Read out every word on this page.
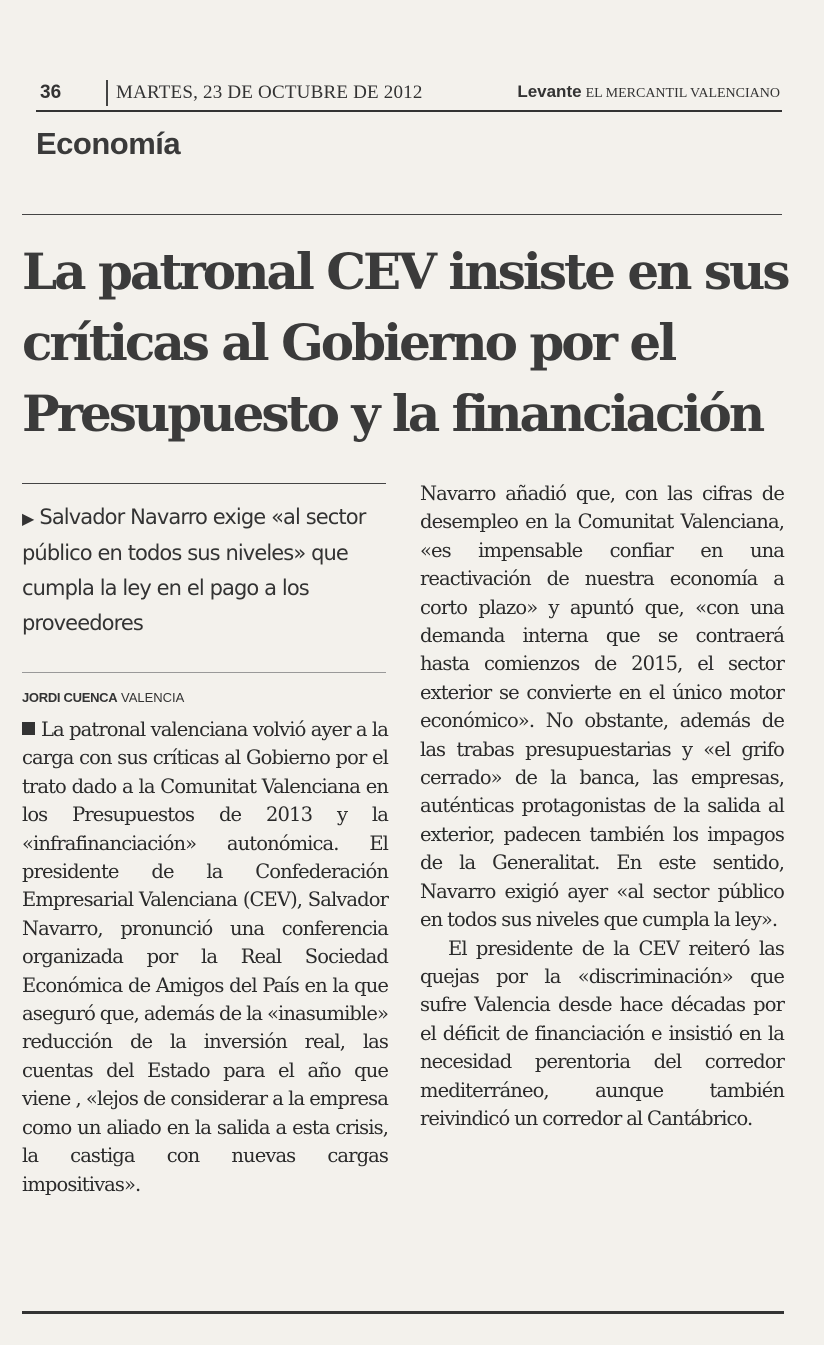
36	MARTES, 23 DE OCTUBRE DE 2012	Levante EL MERCANTIL VALENCIANO
Economía
La patronal CEV insiste en sus críticas al Gobierno por el Presupuesto y la financiación

▶ Salvador Navarro exige «al sector público en todos sus niveles» que cumpla la ley en el pago a los proveedores

JORDI CUENCA VALENCIA

La patronal valenciana volvió ayer a la carga con sus críticas al Gobierno por el trato dado a la Comunitat Valenciana en los Presupuestos de 2013 y la «infrafinanciación» autonómica. El presidente de la Confederación Empresarial Valenciana (CEV), Salvador Navarro, pronunció una conferencia organizada por la Real Sociedad Económica de Amigos del País en la que aseguró que, además de la «inasumible» reducción de la inversión real, las cuentas del Estado para el año que viene , «lejos de considerar a la empresa como un aliado en la salida a esta crisis, la castiga con nuevas cargas impositivas».

Navarro añadió que, con las cifras de desempleo en la Comunitat Valenciana, «es impensable confiar en una reactivación de nuestra economía a corto plazo» y apuntó que, «con una demanda interna que se contraerá hasta comienzos de 2015, el sector exterior se convierte en el único motor económico». No obstante, además de las trabas presupuestarias y «el grifo cerrado» de la banca, las empresas, auténticas protagonistas de la salida al exterior, padecen también los impagos de la Generalitat. En este sentido, Navarro exigió ayer «al sector público en todos sus niveles que cumpla la ley».

El presidente de la CEV reiteró las quejas por la «discriminación» que sufre Valencia desde hace décadas por el déficit de financiación e insistió en la necesidad perentoria del corredor mediterráneo, aunque también reivindicó un corredor al Cantábrico.
